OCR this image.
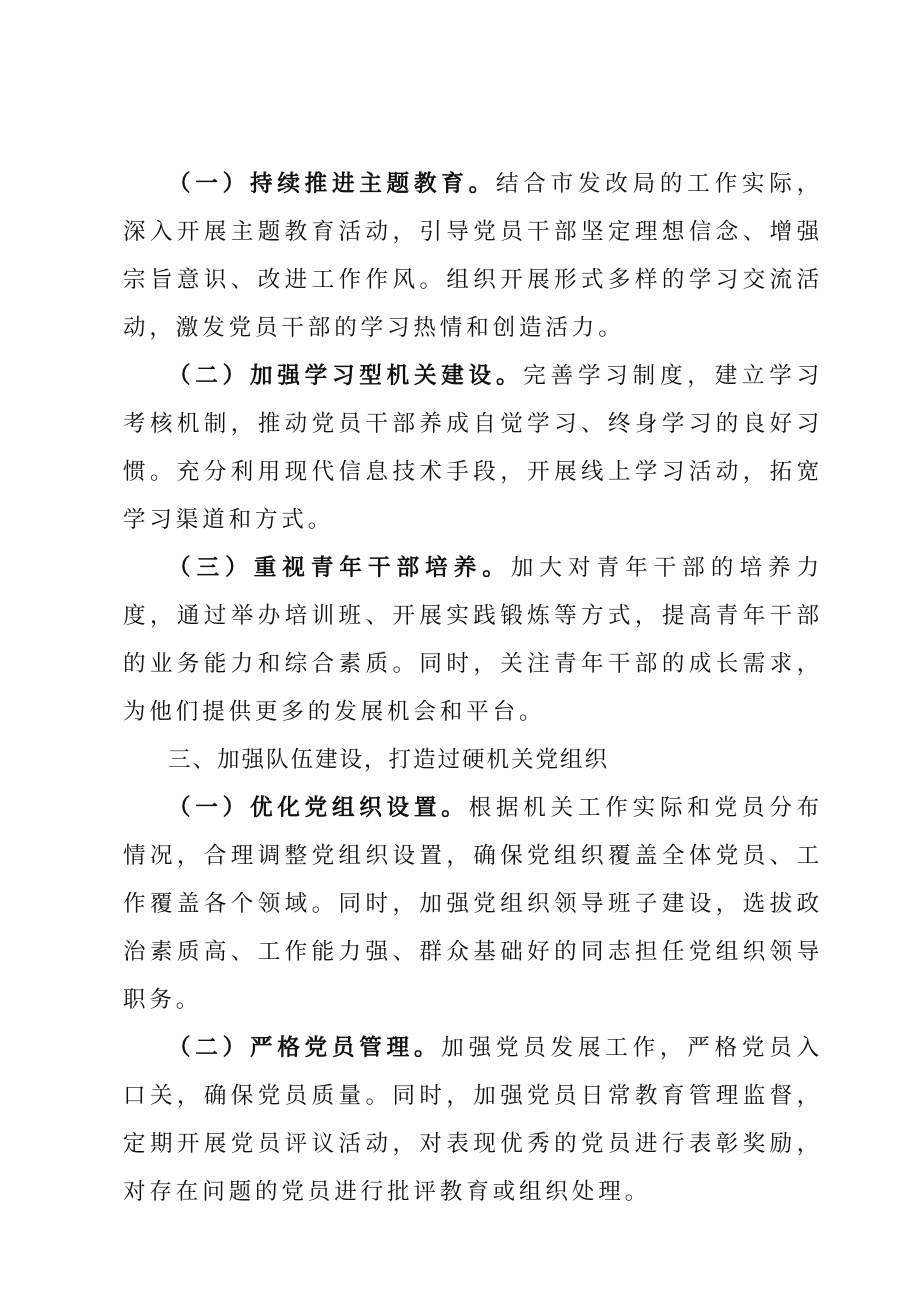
（一）持续推进主题教育。结合市发改局的工作实际，深入开展主题教育活动，引导党员干部坚定理想信念、增强宗旨意识、改进工作作风。组织开展形式多样的学习交流活动，激发党员干部的学习热情和创造活力。

（二）加强学习型机关建设。完善学习制度，建立学习考核机制，推动党员干部养成自觉学习、终身学习的良好习惯。充分利用现代信息技术手段，开展线上学习活动，拓宽学习渠道和方式。

（三）重视青年干部培养。加大对青年干部的培养力度，通过举办培训班、开展实践锻炼等方式，提高青年干部的业务能力和综合素质。同时，关注青年干部的成长需求，为他们提供更多的发展机会和平台。

三、加强队伍建设，打造过硬机关党组织

（一）优化党组织设置。根据机关工作实际和党员分布情况，合理调整党组织设置，确保党组织覆盖全体党员、工作覆盖各个领域。同时，加强党组织领导班子建设，选拔政治素质高、工作能力强、群众基础好的同志担任党组织领导职务。

（二）严格党员管理。加强党员发展工作，严格党员入口关，确保党员质量。同时，加强党员日常教育管理监督，定期开展党员评议活动，对表现优秀的党员进行表彰奖励，对存在问题的党员进行批评教育或组织处理。
